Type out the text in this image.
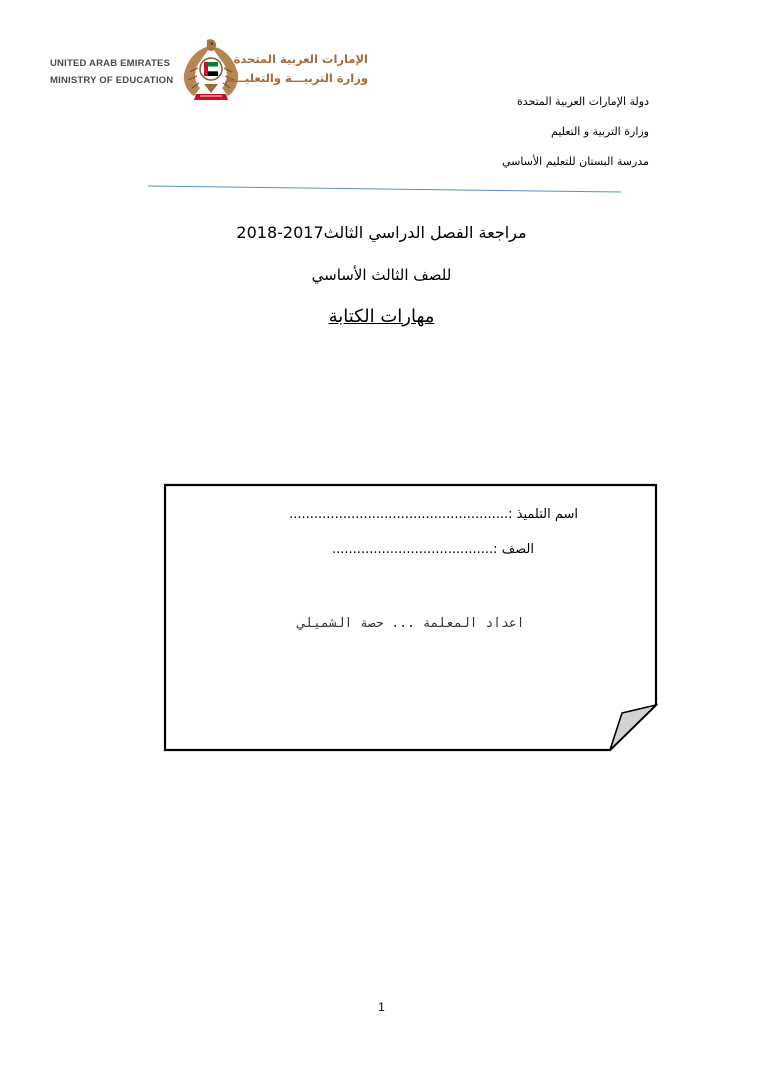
UNITED ARAB EMIRATES
MINISTRY OF EDUCATION
الإمارات العربية المتحدة
وزارة التربيـــة والتعليـــم
دولة الإمارات العربية المتحدة
وزارة التربية و التعليم
مدرسة البستان للتعليم الأساسي
مراجعة الفصل الدراسي الثالث2017-2018
للصف الثالث الأساسي
مهارات الكتابة
اسم التلميذ :.....................................................
الصف :.......................................
اعداد المعلمة ... حصة الشميلي
1
